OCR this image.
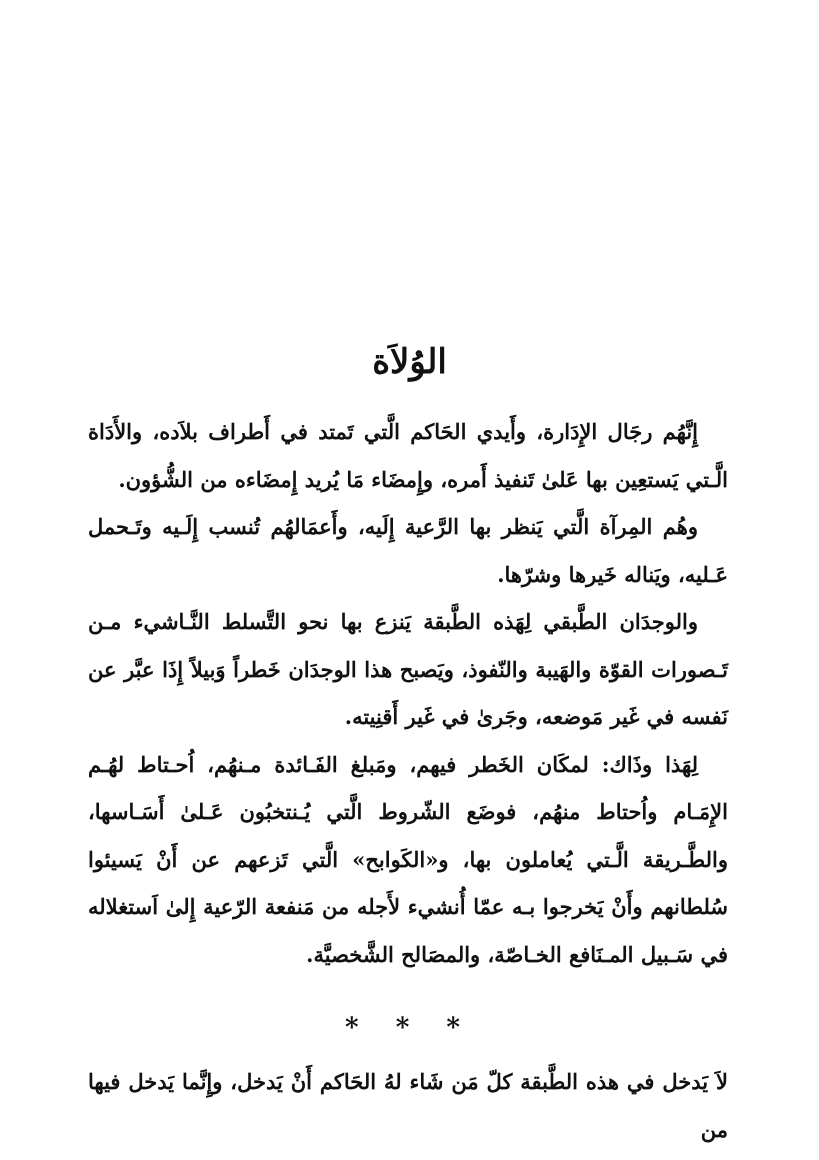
الوُلاَة

إِنَّهُم رجَال الإِدَارة، وأَيدي الحَاكم الَّتي تَمتد في أَطراف بلاَده، والأَدَاة الَّـتي يَستعِين بها عَلىٰ تَنفيذ أَمره، وإِمضَاء مَا يُريد إِمضَاءه من الشُّؤون.

وهُم المِرآة الَّتي يَنظر بها الرَّعية إِلَيه، وأَعمَالهُم تُنسب إِلَـيه وتَـحمل عَـليه، ويَناله خَيرها وشرّها.

والوجدَان الطَّبقي لِهَذه الطَّبقة يَنزع بها نحو التَّسلط النَّـاشيء مـن تَـصورات القوّة والهَيبة والنّفوذ، ويَصبح هذا الوجدَان خَطراً وَبيلاً إِذَا عبَّر عن نَفسه في غَير مَوضعه، وجَرىٰ في غَير أَقنِيته.

لِهَذا وذَاك: لمكَان الخَطر فيهم، ومَبلغ الفَـائدة مـنهُم، اُحـتاط لهُـم الإِمَـام واُحتاط منهُم، فوضَع الشّروط الَّتي يُـنتخبُون عَـلىٰ أَسَـاسها، والطَّـريقة الَّـتي يُعاملون بها، و«الكَوابح» الَّتي تَزعهم عن أَنْ يَسيئوا سُلطانهم وأَنْ يَخرجوا بـه عمّا أُنشيء لأَجله من مَنفعة الرّعية إِلىٰ اَستغلاله في سَـبيل المـنَافع الخـاصّة، والمصَالح الشَّخصيَّة.

* * *
لاَ يَدخل في هذه الطَّبقة كلّ مَن شَاء لهُ الحَاكم أَنْ يَدخل، وإِنَّما يَدخل فيها من
